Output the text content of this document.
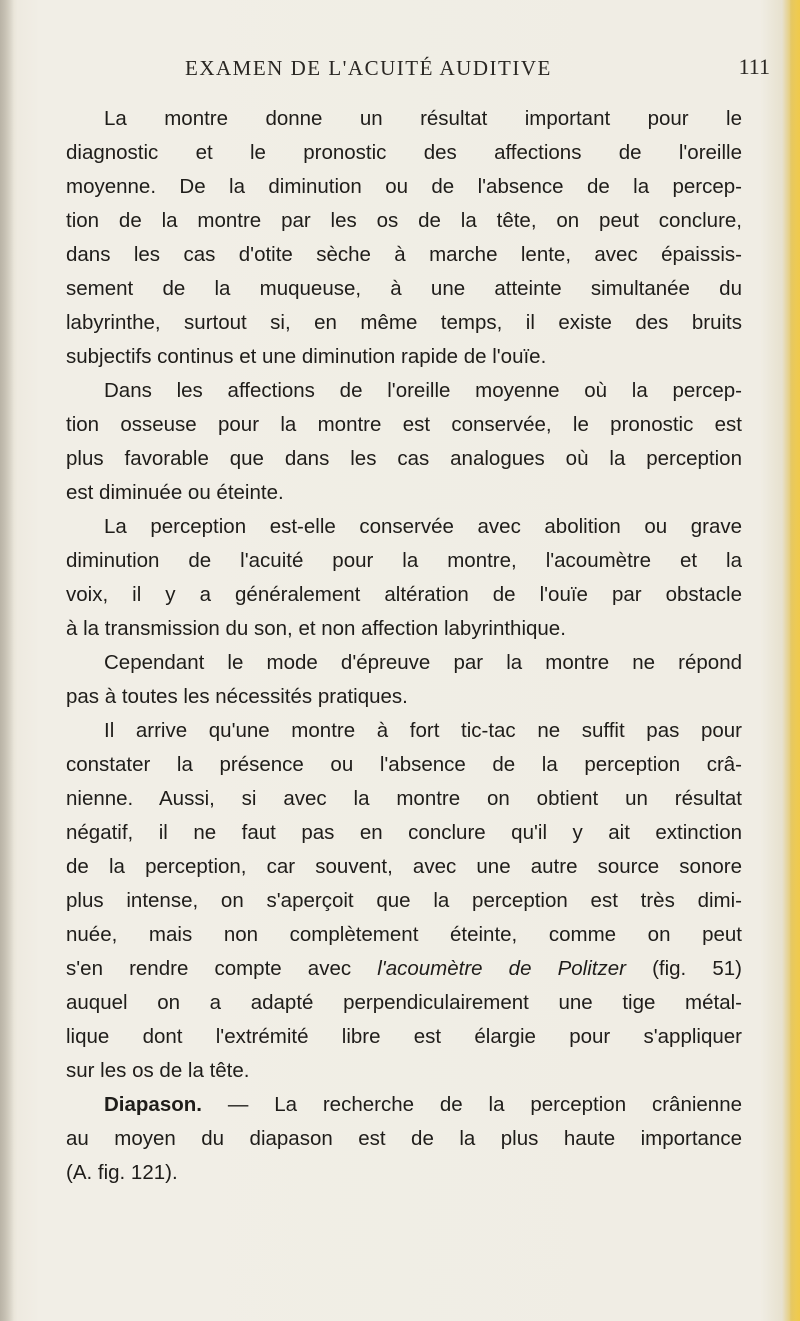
EXAMEN DE L'ACUITÉ AUDITIVE	111
La montre donne un résultat important pour le
diagnostic et le pronostic des affections de l'oreille
moyenne. De la diminution ou de l'absence de la percep-
tion de la montre par les os de la tête, on peut conclure,
dans les cas d'otite sèche à marche lente, avec épaissis-
sement de la muqueuse, à une atteinte simultanée du
labyrinthe, surtout si, en même temps, il existe des bruits
subjectifs continus et une diminution rapide de l'ouïe.
Dans les affections de l'oreille moyenne où la percep-
tion osseuse pour la montre est conservée, le pronostic est
plus favorable que dans les cas analogues où la perception
est diminuée ou éteinte.
La perception est-elle conservée avec abolition ou grave
diminution de l'acuité pour la montre, l'acoumètre et la
voix, il y a généralement altération de l'ouïe par obstacle
à la transmission du son, et non affection labyrinthique.
Cependant le mode d'épreuve par la montre ne répond
pas à toutes les nécessités pratiques.
Il arrive qu'une montre à fort tic-tac ne suffit pas pour
constater la présence ou l'absence de la perception crâ-
nienne. Aussi, si avec la montre on obtient un résultat
négatif, il ne faut pas en conclure qu'il y ait extinction
de la perception, car souvent, avec une autre source sonore
plus intense, on s'aperçoit que la perception est très dimi-
nuée, mais non complètement éteinte, comme on peut
s'en rendre compte avec l'acoumètre de Politzer (fig. 51)
auquel on a adapté perpendiculairement une tige métal-
lique dont l'extrémité libre est élargie pour s'appliquer
sur les os de la tête.
Diapason. — La recherche de la perception crânienne
au moyen du diapason est de la plus haute importance
(A. fig. 121).
